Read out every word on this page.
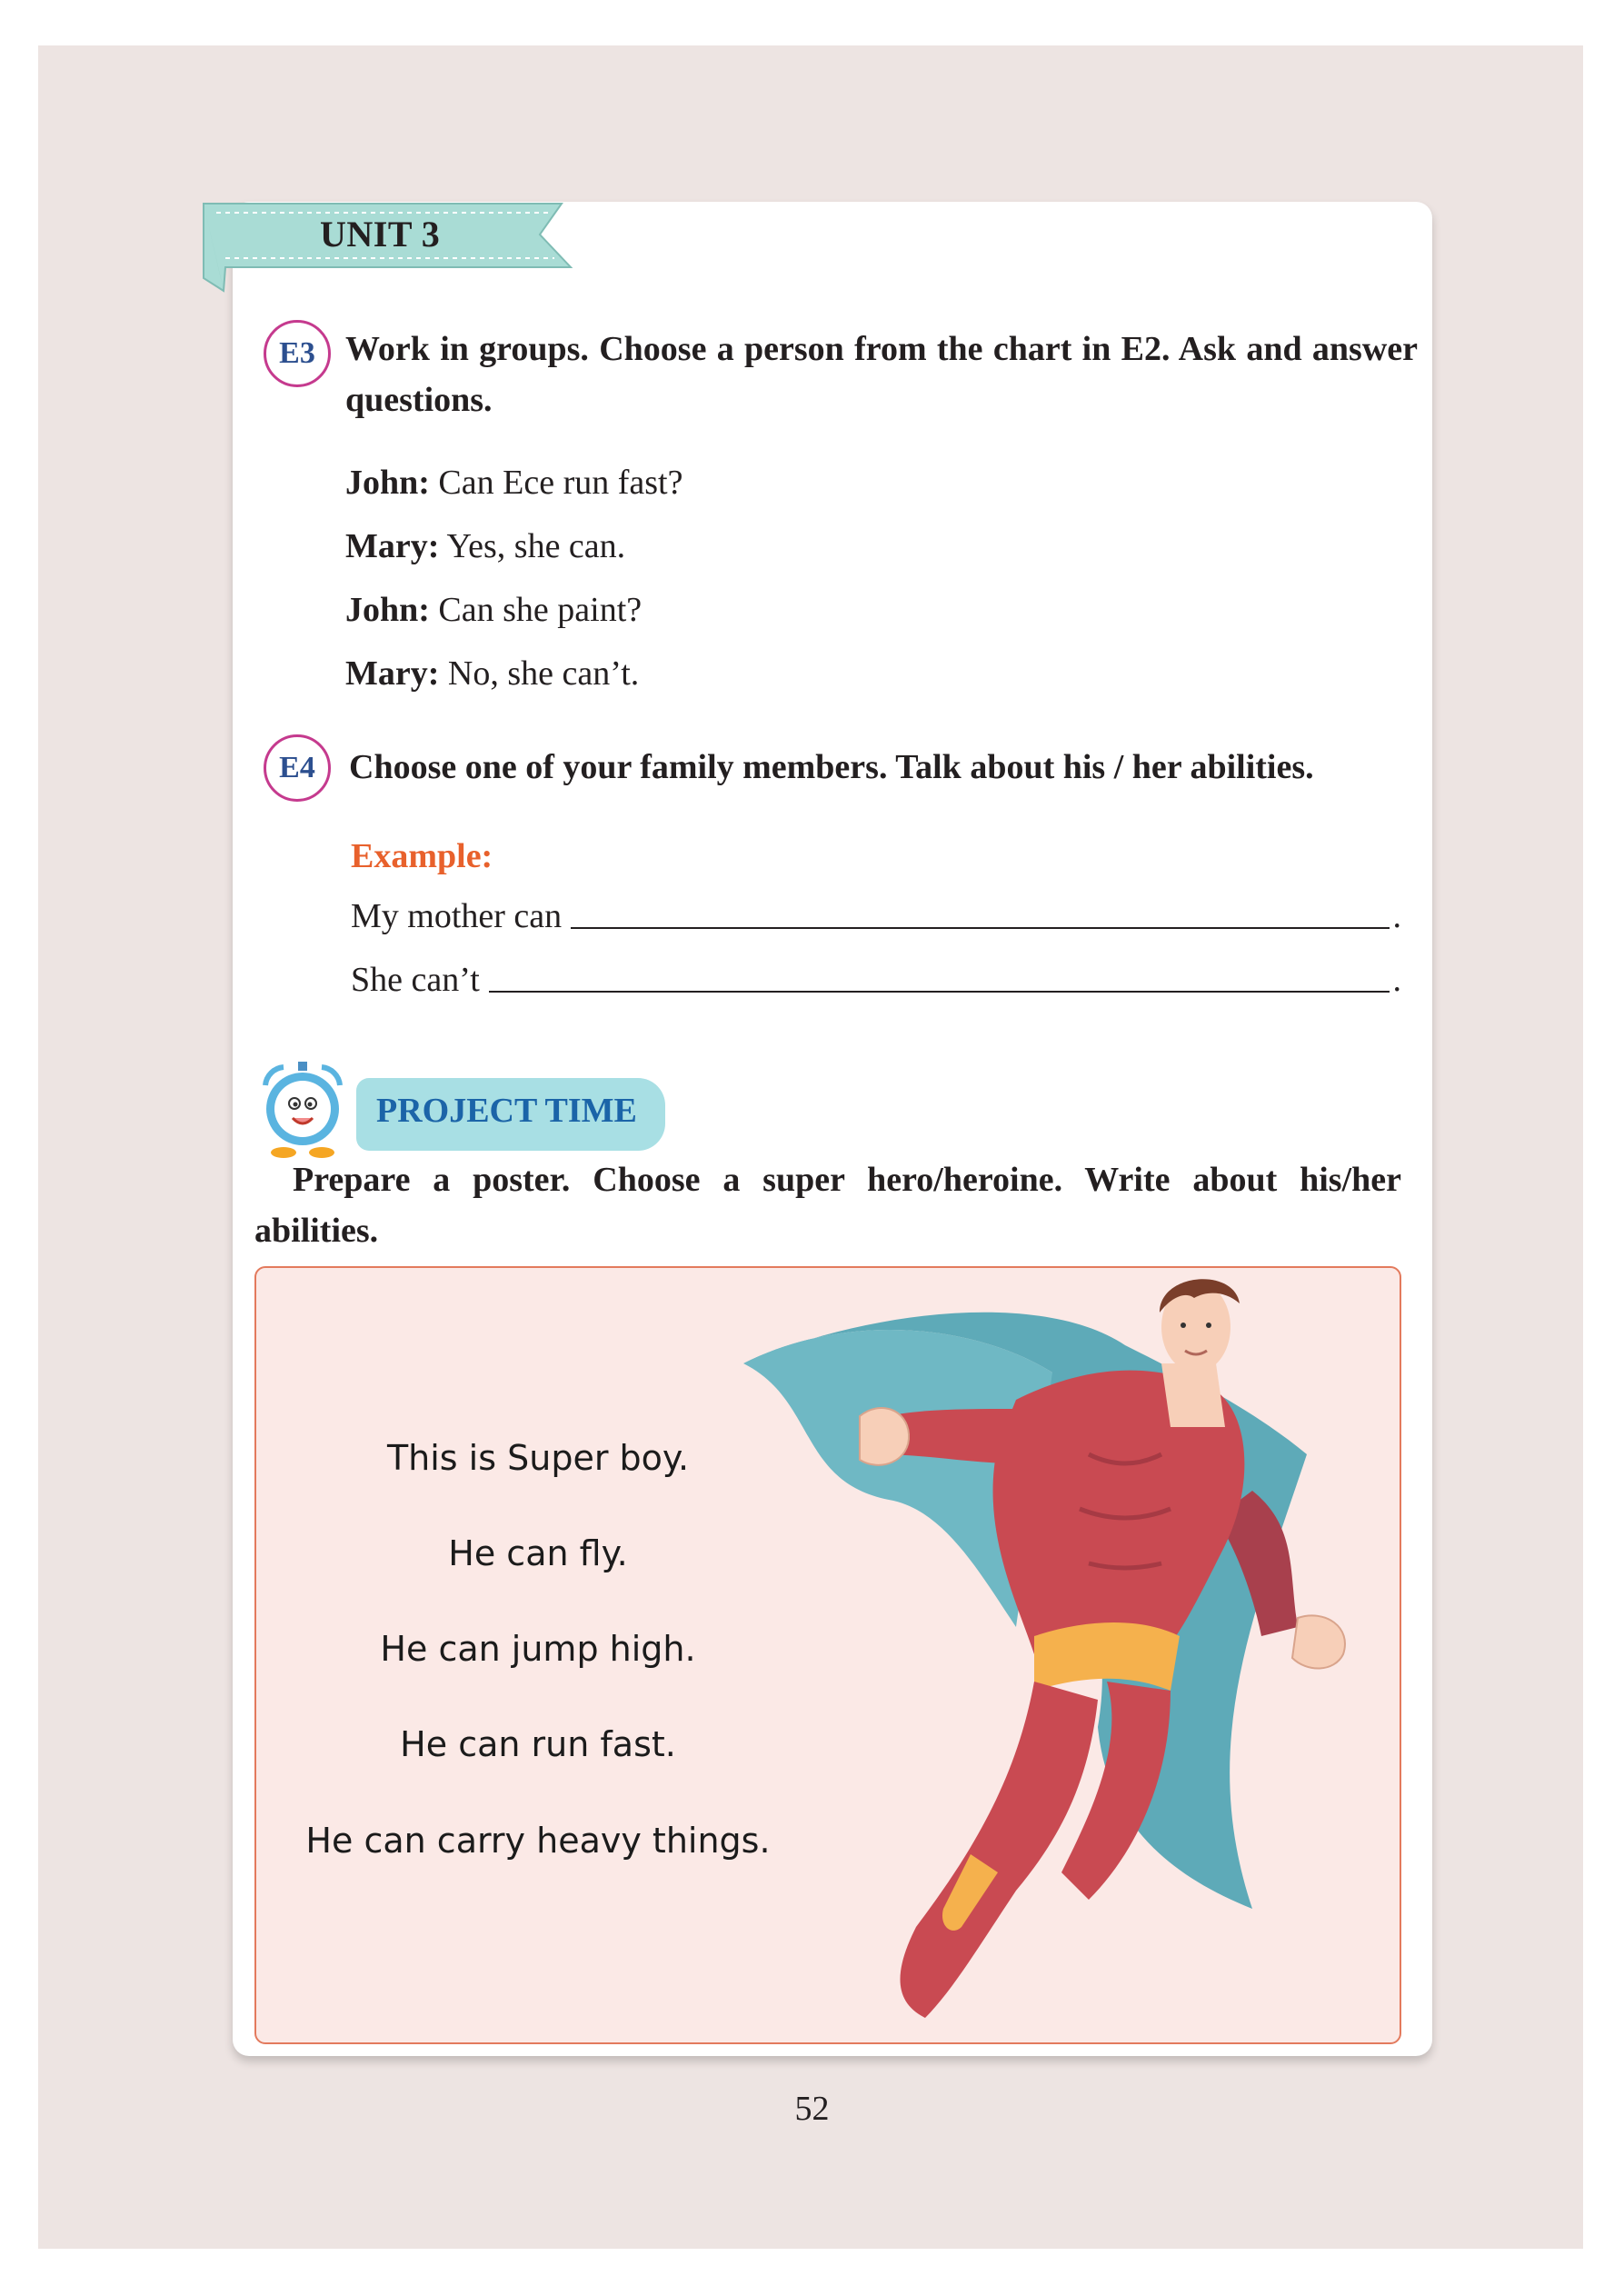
UNIT 3
E3 Work in groups. Choose a person from the chart in E2. Ask and answer questions.
John: Can Ece run fast?
Mary: Yes, she can.
John: Can she paint?
Mary: No, she can’t.
E4 Choose one of your family members. Talk about his / her abilities.
Example:
My mother can	.
She can’t	.
PROJECT TIME
Prepare a poster. Choose a super hero/heroine. Write about his/her abilities.
This is Super boy.
He can fly.
He can jump high.
He can run fast.
He can carry heavy things.
52
